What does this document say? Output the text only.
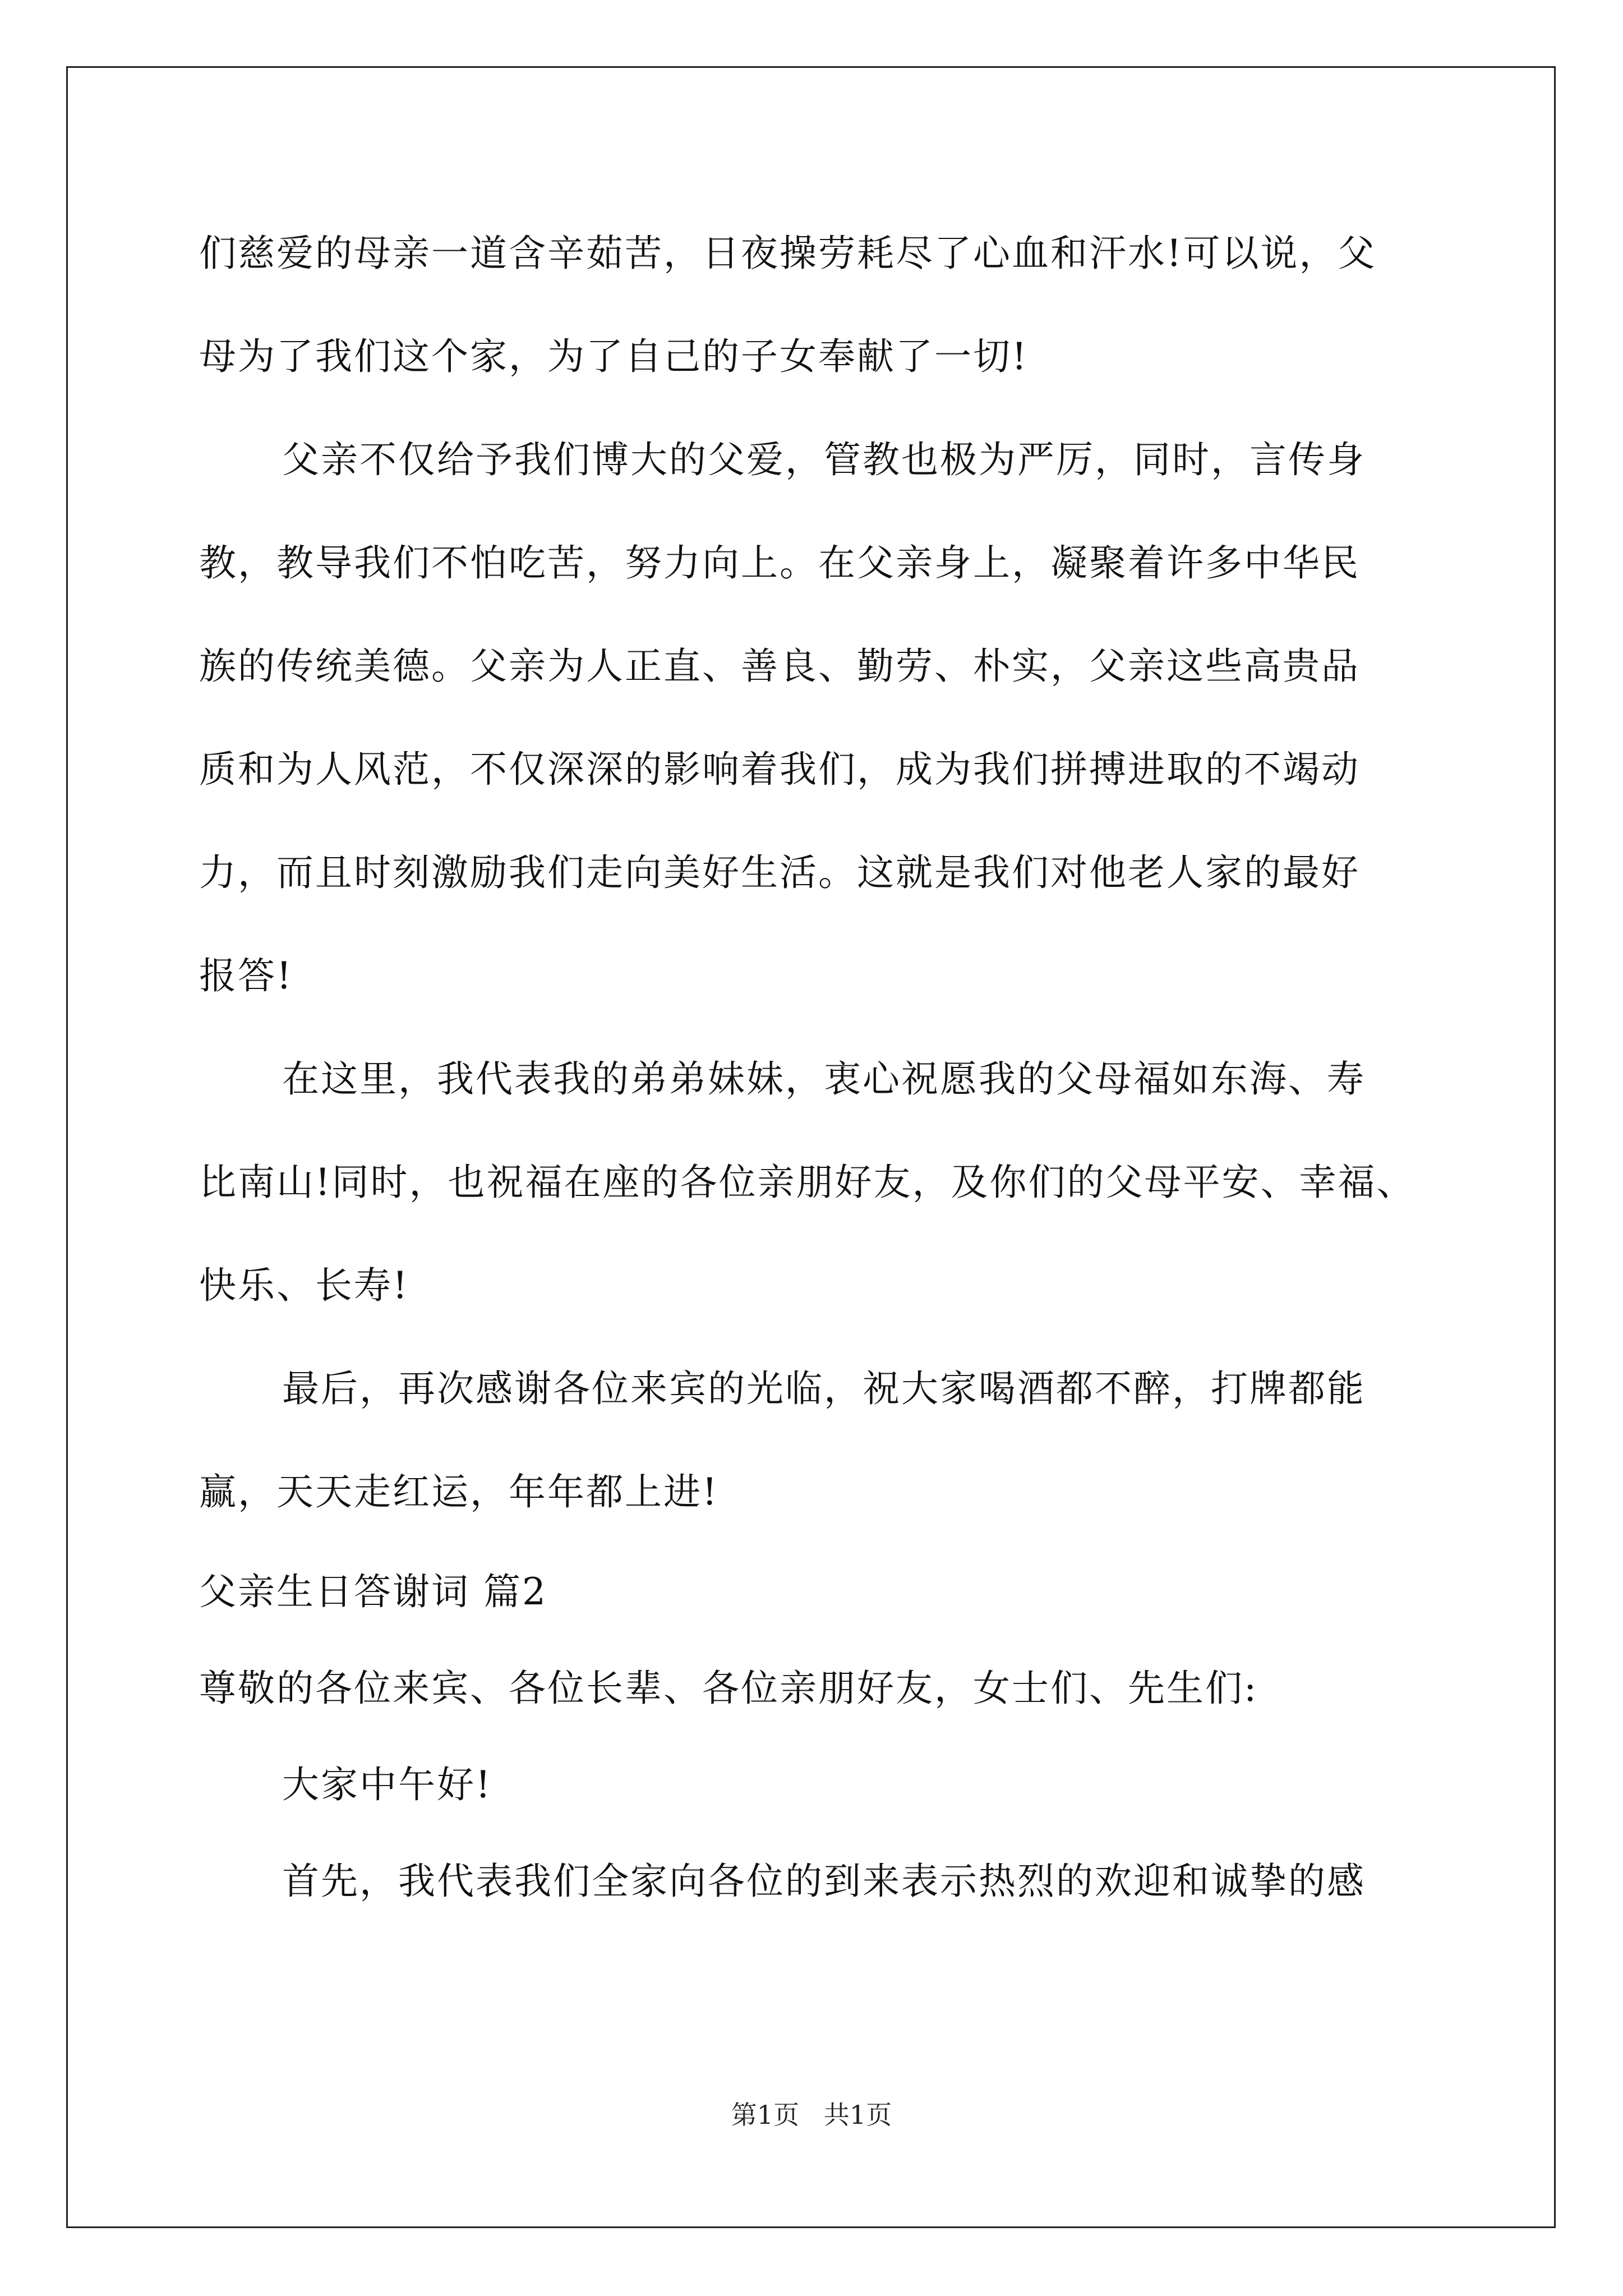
们慈爱的母亲一道含辛茹苦，日夜操劳耗尽了心血和汗水!可以说，父
母为了我们这个家，为了自己的子女奉献了一切!
父亲不仅给予我们博大的父爱，管教也极为严厉，同时，言传身
教，教导我们不怕吃苦，努力向上。在父亲身上，凝聚着许多中华民
族的传统美德。父亲为人正直、善良、勤劳、朴实，父亲这些高贵品
质和为人风范，不仅深深的影响着我们，成为我们拼搏进取的不竭动
力，而且时刻激励我们走向美好生活。这就是我们对他老人家的最好
报答!
在这里，我代表我的弟弟妹妹，衷心祝愿我的父母福如东海、寿
比南山!同时，也祝福在座的各位亲朋好友，及你们的父母平安、幸福、
快乐、长寿!
最后，再次感谢各位来宾的光临，祝大家喝酒都不醉，打牌都能
赢，天天走红运，年年都上进!
父亲生日答谢词 篇2
尊敬的各位来宾、各位长辈、各位亲朋好友，女士们、先生们:
大家中午好!
首先，我代表我们全家向各位的到来表示热烈的欢迎和诚挚的感
第1页   共1页
